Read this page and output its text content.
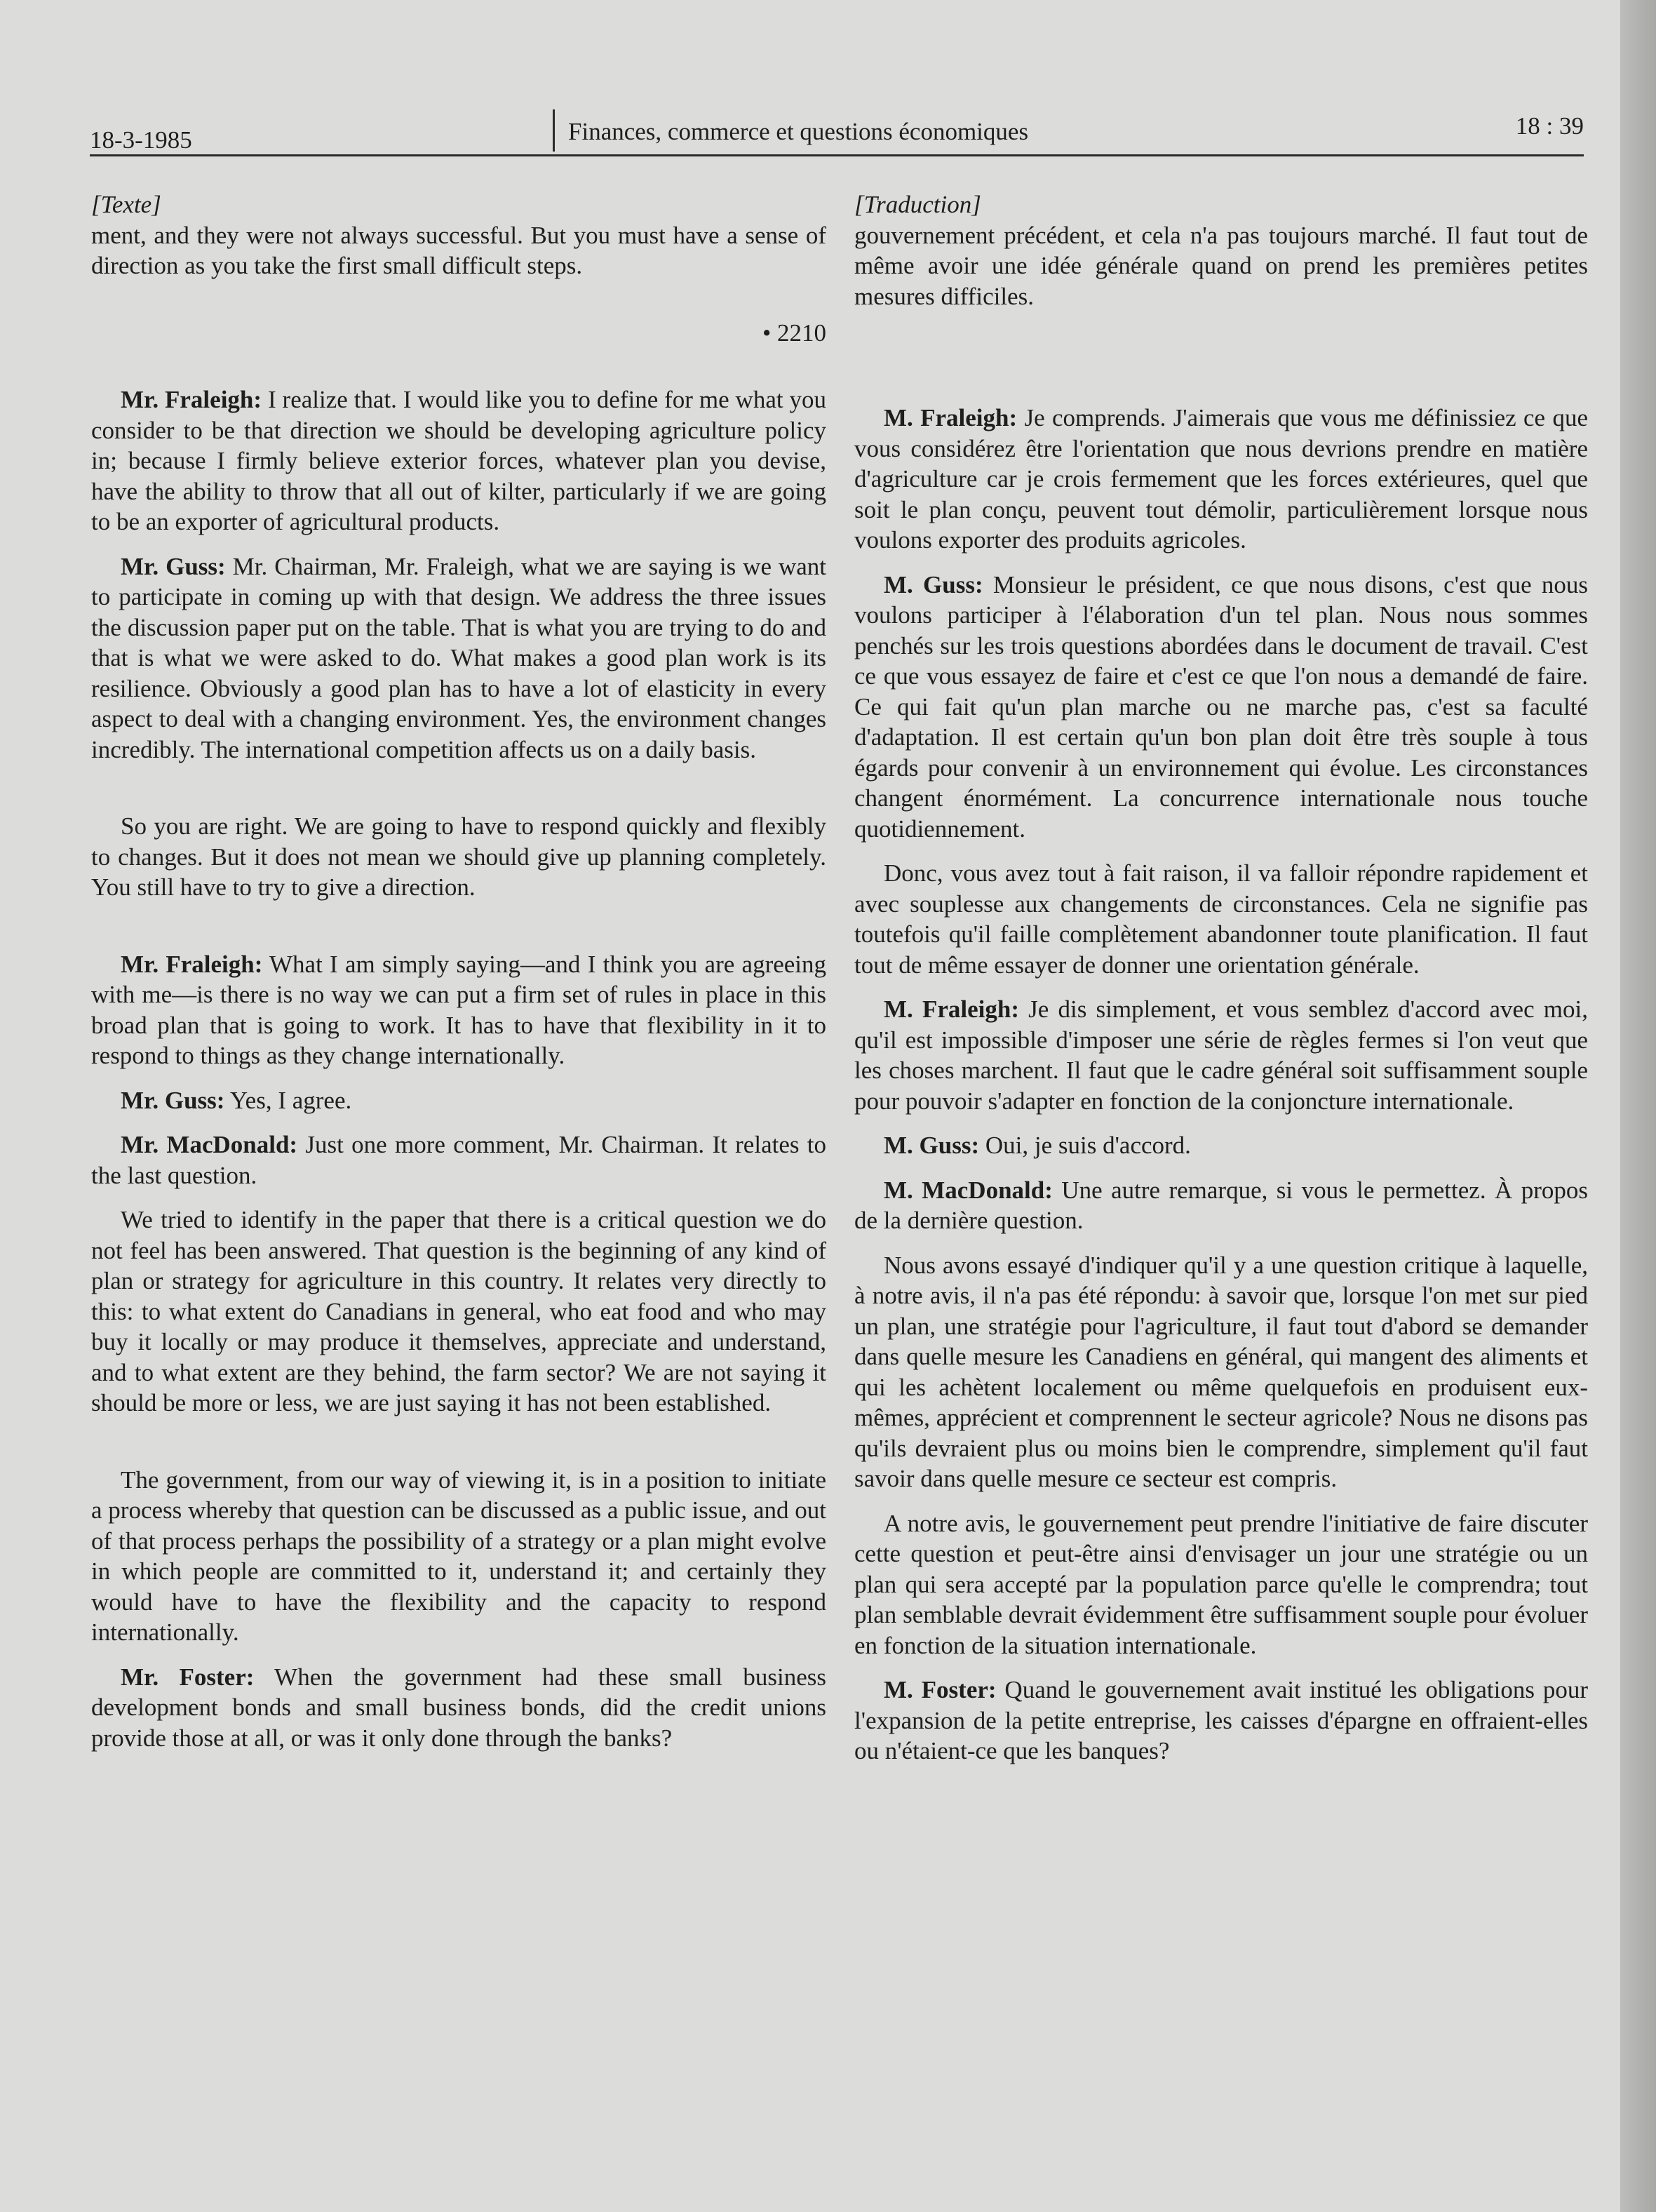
18-3-1985	Finances, commerce et questions économiques	18 : 39
[Texte]

ment, and they were not always successful. But you must have a sense of direction as you take the first small difficult steps.

• 2210

Mr. Fraleigh: I realize that. I would like you to define for me what you consider to be that direction we should be developing agriculture policy in; because I firmly believe exterior forces, whatever plan you devise, have the ability to throw that all out of kilter, particularly if we are going to be an exporter of agricultural products.

Mr. Guss: Mr. Chairman, Mr. Fraleigh, what we are saying is we want to participate in coming up with that design. We address the three issues the discussion paper put on the table. That is what you are trying to do and that is what we were asked to do. What makes a good plan work is its resilience. Obviously a good plan has to have a lot of elasticity in every aspect to deal with a changing environment. Yes, the environment changes incredibly. The international competition affects us on a daily basis.

So you are right. We are going to have to respond quickly and flexibly to changes. But it does not mean we should give up planning completely. You still have to try to give a direction.

Mr. Fraleigh: What I am simply saying—and I think you are agreeing with me—is there is no way we can put a firm set of rules in place in this broad plan that is going to work. It has to have that flexibility in it to respond to things as they change internationally.

Mr. Guss: Yes, I agree.

Mr. MacDonald: Just one more comment, Mr. Chairman. It relates to the last question.

We tried to identify in the paper that there is a critical question we do not feel has been answered. That question is the beginning of any kind of plan or strategy for agriculture in this country. It relates very directly to this: to what extent do Canadians in general, who eat food and who may buy it locally or may produce it themselves, appreciate and understand, and to what extent are they behind, the farm sector? We are not saying it should be more or less, we are just saying it has not been established.

The government, from our way of viewing it, is in a position to initiate a process whereby that question can be discussed as a public issue, and out of that process perhaps the possibility of a strategy or a plan might evolve in which people are committed to it, understand it; and certainly they would have to have the flexibility and the capacity to respond internationally.

Mr. Foster: When the government had these small business development bonds and small business bonds, did the credit unions provide those at all, or was it only done through the banks?

[Traduction]

gouvernement précédent, et cela n'a pas toujours marché. Il faut tout de même avoir une idée générale quand on prend les premières petites mesures difficiles.

M. Fraleigh: Je comprends. J'aimerais que vous me définissiez ce que vous considérez être l'orientation que nous devrions prendre en matière d'agriculture car je crois fermement que les forces extérieures, quel que soit le plan conçu, peuvent tout démolir, particulièrement lorsque nous voulons exporter des produits agricoles.

M. Guss: Monsieur le président, ce que nous disons, c'est que nous voulons participer à l'élaboration d'un tel plan. Nous nous sommes penchés sur les trois questions abordées dans le document de travail. C'est ce que vous essayez de faire et c'est ce que l'on nous a demandé de faire. Ce qui fait qu'un plan marche ou ne marche pas, c'est sa faculté d'adaptation. Il est certain qu'un bon plan doit être très souple à tous égards pour convenir à un environnement qui évolue. Les circonstances changent énormément. La concurrence internationale nous touche quotidiennement.

Donc, vous avez tout à fait raison, il va falloir répondre rapidement et avec souplesse aux changements de circonstances. Cela ne signifie pas toutefois qu'il faille complètement abandonner toute planification. Il faut tout de même essayer de donner une orientation générale.

M. Fraleigh: Je dis simplement, et vous semblez d'accord avec moi, qu'il est impossible d'imposer une série de règles fermes si l'on veut que les choses marchent. Il faut que le cadre général soit suffisamment souple pour pouvoir s'adapter en fonction de la conjoncture internationale.

M. Guss: Oui, je suis d'accord.

M. MacDonald: Une autre remarque, si vous le permettez. À propos de la dernière question.

Nous avons essayé d'indiquer qu'il y a une question critique à laquelle, à notre avis, il n'a pas été répondu: à savoir que, lorsque l'on met sur pied un plan, une stratégie pour l'agriculture, il faut tout d'abord se demander dans quelle mesure les Canadiens en général, qui mangent des aliments et qui les achètent localement ou même quelquefois en produisent eux-mêmes, apprécient et comprennent le secteur agricole? Nous ne disons pas qu'ils devraient plus ou moins bien le comprendre, simplement qu'il faut savoir dans quelle mesure ce secteur est compris.

A notre avis, le gouvernement peut prendre l'initiative de faire discuter cette question et peut-être ainsi d'envisager un jour une stratégie ou un plan qui sera accepté par la population parce qu'elle le comprendra; tout plan semblable devrait évidemment être suffisamment souple pour évoluer en fonction de la situation internationale.

M. Foster: Quand le gouvernement avait institué les obligations pour l'expansion de la petite entreprise, les caisses d'épargne en offraient-elles ou n'étaient-ce que les banques?
